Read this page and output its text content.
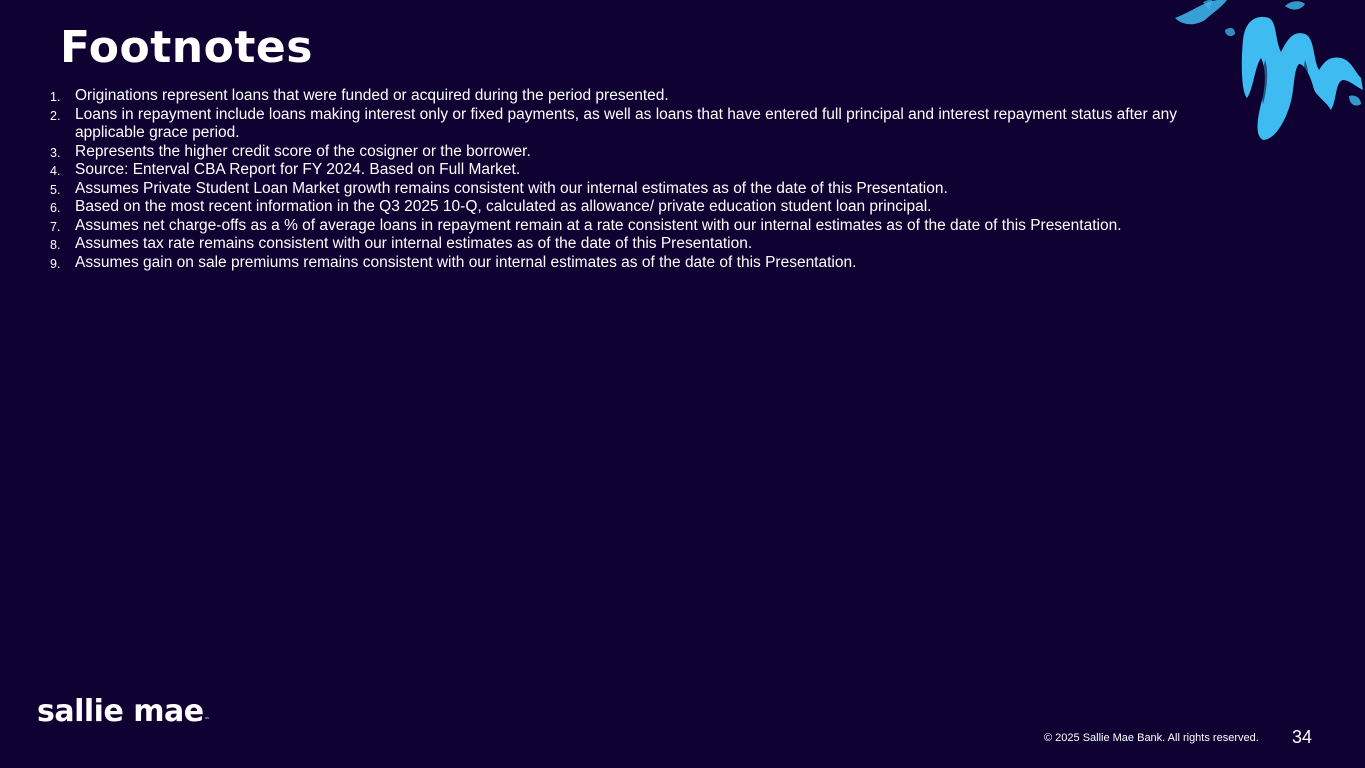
Footnotes
1. Originations represent loans that were funded or acquired during the period presented.
2. Loans in repayment include loans making interest only or fixed payments, as well as loans that have entered full principal and interest repayment status after any applicable grace period.
3. Represents the higher credit score of the cosigner or the borrower.
4. Source: Enterval CBA Report for FY 2024. Based on Full Market.
5. Assumes Private Student Loan Market growth remains consistent with our internal estimates as of the date of this Presentation.
6. Based on the most recent information in the Q3 2025 10-Q, calculated as allowance/ private education student loan principal.
7. Assumes net charge-offs as a % of average loans in repayment remain at a rate consistent with our internal estimates as of the date of this Presentation.
8. Assumes tax rate remains consistent with our internal estimates as of the date of this Presentation.
9. Assumes gain on sale premiums remains consistent with our internal estimates as of the date of this Presentation.
sallie mae™
© 2025 Sallie Mae Bank. All rights reserved. 34
